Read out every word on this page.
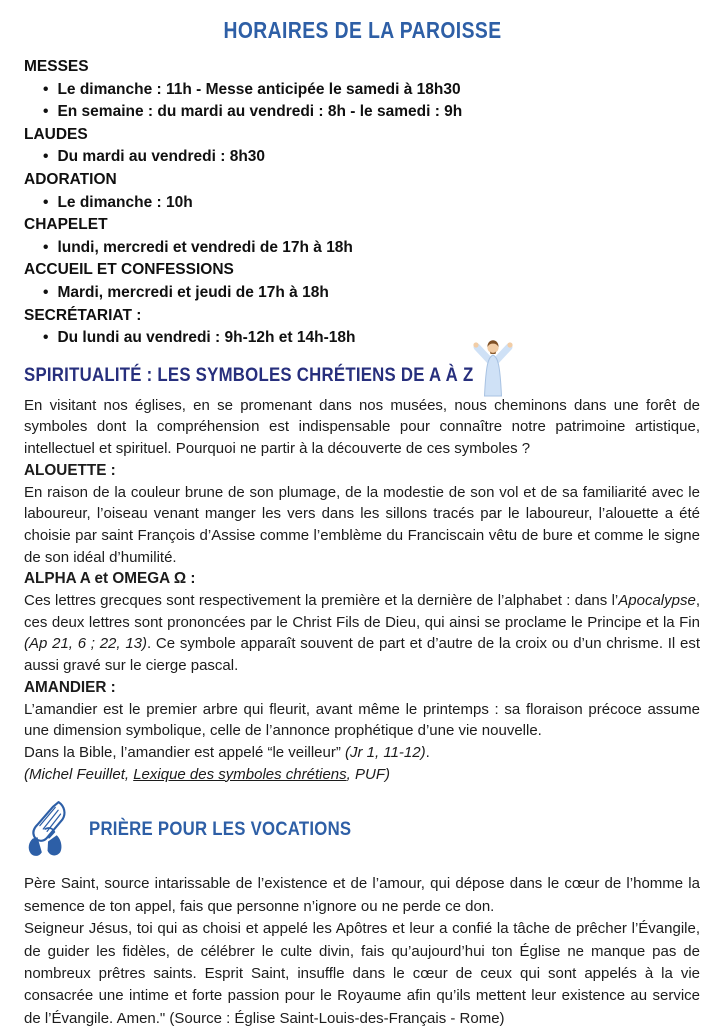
HORAIRES DE LA PAROISSE

MESSES

• Le dimanche : 11h - Messe anticipée le samedi à 18h30
• En semaine : du mardi au vendredi : 8h - le samedi : 9h

LAUDES

• Du mardi au vendredi : 8h30

ADORATION

• Le dimanche : 10h

CHAPELET

• lundi, mercredi et vendredi de 17h à 18h

ACCUEIL ET CONFESSIONS

• Mardi, mercredi et jeudi de 17h à 18h

SECRÉTARIAT :

• Du lundi au vendredi : 9h-12h et 14h-18h
SPIRITUALITÉ : LES SYMBOLES CHRÉTIENS DE A À Z

En visitant nos églises, en se promenant dans nos musées, nous cheminons dans une forêt de symboles dont la compréhension est indispensable pour connaître notre patrimoine artistique, intellectuel et spirituel. Pourquoi ne partir à la découverte de ces symboles ?

ALOUETTE :

En raison de la couleur brune de son plumage, de la modestie de son vol et de sa familiarité avec le laboureur, l’oiseau venant manger les vers dans les sillons tracés par le laboureur, l’alouette a été choisie par saint François d’Assise comme l’emblème du Franciscain vêtu de bure et comme le signe de son idéal d’humilité.

ALPHA A et OMEGA Ω :

Ces lettres grecques sont respectivement la première et la dernière de l’alphabet : dans l’Apocalypse, ces deux lettres sont prononcées par le Christ Fils de Dieu, qui ainsi se proclame le Principe et la Fin (Ap 21, 6 ; 22, 13). Ce symbole apparaît souvent de part et d’autre de la croix ou d’un chrisme. Il est aussi gravé sur le cierge pascal.

AMANDIER :

L’amandier est le premier arbre qui fleurit, avant même le printemps : sa floraison précoce assume une dimension symbolique, celle de l’annonce prophétique d’une vie nouvelle.

Dans la Bible, l’amandier est appelé “le veilleur” (Jr 1, 11-12).

(Michel Feuillet, Lexique des symboles chrétiens, PUF)

PRIÈRE POUR LES VOCATIONS

Père Saint, source intarissable de l’existence et de l’amour, qui dépose dans le cœur de l’homme la semence de ton appel, fais que personne n’ignore ou ne perde ce don.

Seigneur Jésus, toi qui as choisi et appelé les Apôtres et leur a confié la tâche de prêcher l’Évangile, de guider les fidèles, de célébrer le culte divin, fais qu’aujourd’hui ton Église ne manque pas de nombreux prêtres saints. Esprit Saint, insuffle dans le cœur de ceux qui sont appelés à la vie consacrée une intime et forte passion pour le Royaume afin qu’ils mettent leur existence au service de l’Évangile. Amen." (Source : Église Saint-Louis-des-Français - Rome)
